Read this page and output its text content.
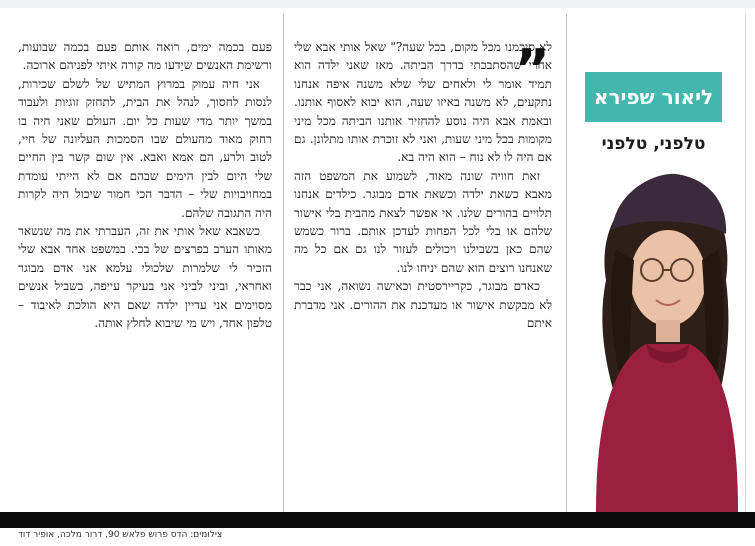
לא סיכמנו מכל מקום, בכל שעה?" שאל אותי אבא שלי אחרי שהסתבכתי בדרך הביתה. מאז שאני ילדה הוא תמיד אומר לי ולאחים שלי שלא משנה איפה אנחנו נתקעים, לא משנה באיזו שעה, הוא יבוא לאסוף אותנו. ובאמת אבא היה נוסע להחזיר אותנו הביתה מכל מיני מקומות בכל מיני שעות, ואני לא זוכרת אותו מתלונן. גם אם היה לו לא נוח – הוא היה בא.

זאת חוויה שונה מאוד, לשמוע את המשפט הזה מאבא כשאת ילדה וכשאת אדם מבוגר. כילדים אנחנו תלויים בהורים שלנו. אי אפשר לצאת מהבית בלי אישור שלהם או בלי לכל הפחות לעדכן אותם. ברור כשמש שהם כאן בשבילנו ויכולים לעזור לנו גם אם כל מה שאנחנו רוצים הוא שהם יניחו לנו.

כאדם מבוגר, כקריירסטית וכאישה נשואה, אני כבר לא מבקשת אישור או מעדכנת את ההורים. אני מדברת איתם

”

פעם בכמה ימים, רואה אותם פעם בכמה שבועות, ורשימת האנשים שיֵדעו מה קורה איתי לפניהם ארוכה.

אני חיה עמוק במרוץ המתיש של לשלם שכירות, לנסות לחסוך, לנהל את הבית, לתחזק זוגיות ולעבוד במשך יותר מדי שעות כל יום. העולם שאני חיה בו רחוק מאוד מהעולם שבו הסמכות העליונה של חיי, לטוב ולרע, הם אמא ואבא. אין שום קשר בין החיים שלי היום לבין הימים שבהם אם לא הייתי עומדת במחויבויות שלי – הדבר הכי חמור שיכול היה לקרות היה התגובה שלהם.

כשאבא שאל אותי את זה, העברתי את מה שנשאר מאותו הערב בפרצים של בכי. במשפט אחד אבא שלי הזכיר לי שלמרות שלכולי עלמא אני אדם מבוגר ואחראי, וביני לביני אני בעיקר עייפה, בשביל אנשים מסוימים אני עדיין ילדה שאם היא הולכת לאיבוד – טלפון אחד, ויש מי שיבוא לחלץ אותה.

ליאור שפירא
טלפני, טלפני
צילומים: הדס פרוש פלאש 90, דרור מלכה, אופיר דוד
